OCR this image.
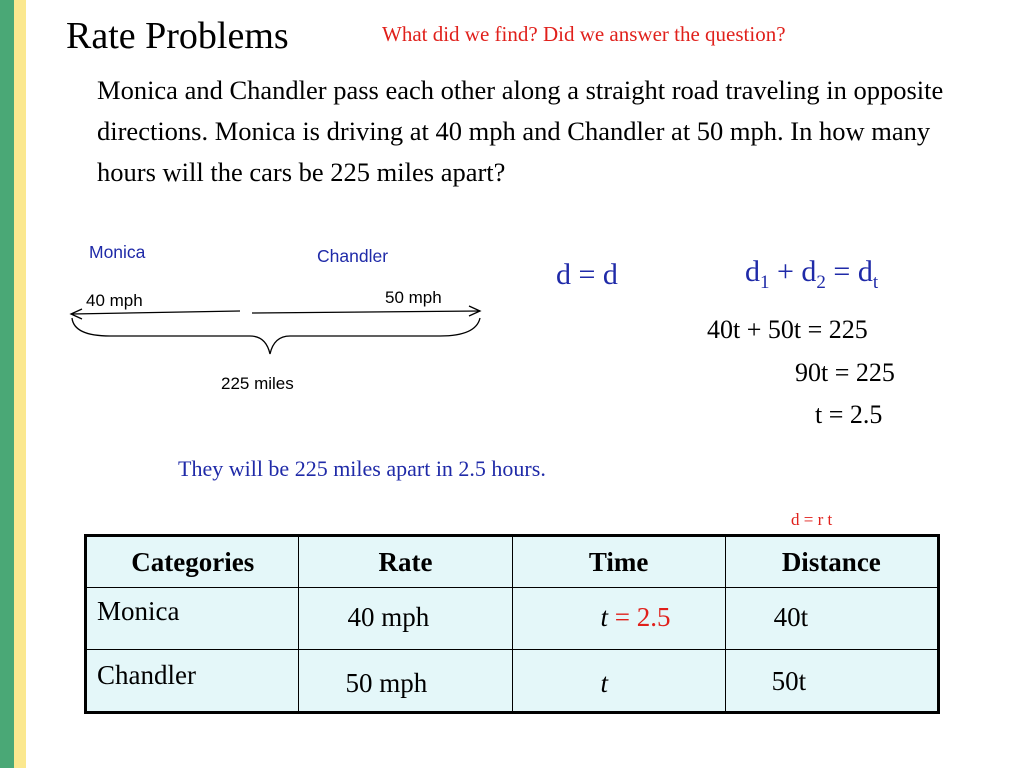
Rate Problems	What did we find? Did we answer the question?
Monica and Chandler pass each other along a straight road traveling in opposite directions. Monica is driving at 40 mph and Chandler at 50 mph. In how many hours will the cars be 225 miles apart?
Monica	Chandler
40 mph	50 mph
225 miles
d = d	$d_1 + d_2 = d_t$
40t + 50t = 225
90t = 225
t = 2.5
They will be 225 miles apart in 2.5 hours.
d = r t
Categories	Rate	Time	Distance

Monica	40 mph	t = 2.5	40t

Chandler	50 mph	t	50t
